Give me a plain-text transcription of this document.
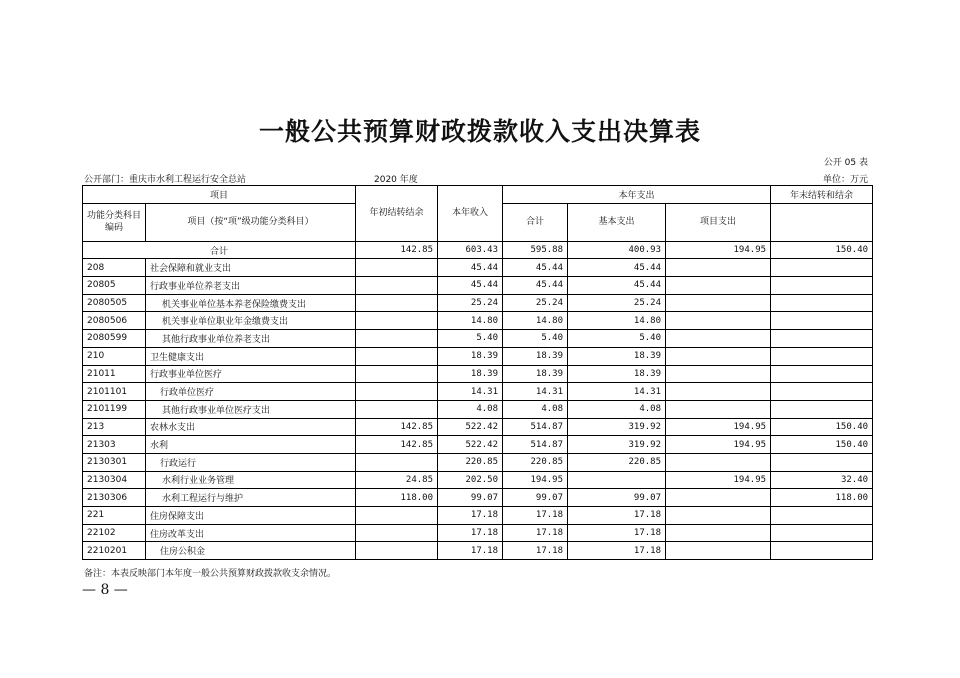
一般公共预算财政拨款收入支出决算表
公开 05 表
公开部门：重庆市水利工程运行安全总站	2020 年度	单位：万元
项目		年初结转结余	本年收入	本年支出			年末结转和结余
功能分类科目编码	项目（按“项”级功能分类科目）			合计	基本支出	项目支出	
合计		142.85	603.43	595.88	400.93	194.95	150.40
208	社会保障和就业支出		45.44	45.44	45.44		
20805	行政事业单位养老支出		45.44	45.44	45.44		
2080505	机关事业单位基本养老保险缴费支出		25.24	25.24	25.24		
2080506	机关事业单位职业年金缴费支出		14.80	14.80	14.80		
2080599	其他行政事业单位养老支出		5.40	5.40	5.40		
210	卫生健康支出		18.39	18.39	18.39		
21011	行政事业单位医疗		18.39	18.39	18.39		
2101101	行政单位医疗		14.31	14.31	14.31		
2101199	其他行政事业单位医疗支出		4.08	4.08	4.08		
213	农林水支出	142.85	522.42	514.87	319.92	194.95	150.40
21303	水利	142.85	522.42	514.87	319.92	194.95	150.40
2130301	行政运行		220.85	220.85	220.85		
2130304	水利行业业务管理	24.85	202.50	194.95		194.95	32.40
2130306	水利工程运行与维护	118.00	99.07	99.07	99.07		118.00
221	住房保障支出		17.18	17.18	17.18		
22102	住房改革支出		17.18	17.18	17.18		
2210201	住房公积金		17.18	17.18	17.18		
备注：本表反映部门本年度一般公共预算财政拨款收支余情况。
— 8 —
